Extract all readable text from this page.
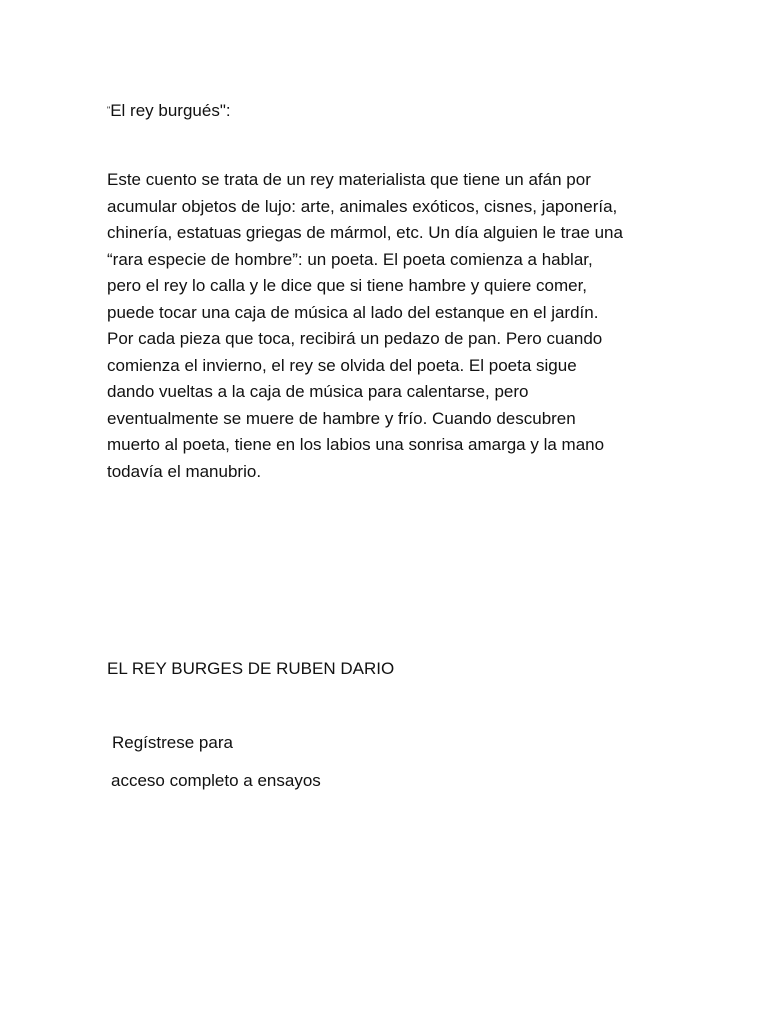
"El rey burgués":

Este cuento se trata de un rey materialista que tiene un afán por
acumular objetos de lujo: arte, animales exóticos, cisnes, japonería,
chinería, estatuas griegas de mármol, etc. Un día alguien le trae una
“rara especie de hombre”: un poeta. El poeta comienza a hablar,
pero el rey lo calla y le dice que si tiene hambre y quiere comer,
puede tocar una caja de música al lado del estanque en el jardín.
Por cada pieza que toca, recibirá un pedazo de pan. Pero cuando
comienza el invierno, el rey se olvida del poeta. El poeta sigue
dando vueltas a la caja de música para calentarse, pero
eventualmente se muere de hambre y frío. Cuando descubren
muerto al poeta, tiene en los labios una sonrisa amarga y la mano
todavía el manubrio.

EL REY BURGES DE RUBEN DARIO

Regístrese para

acceso completo a ensayos
